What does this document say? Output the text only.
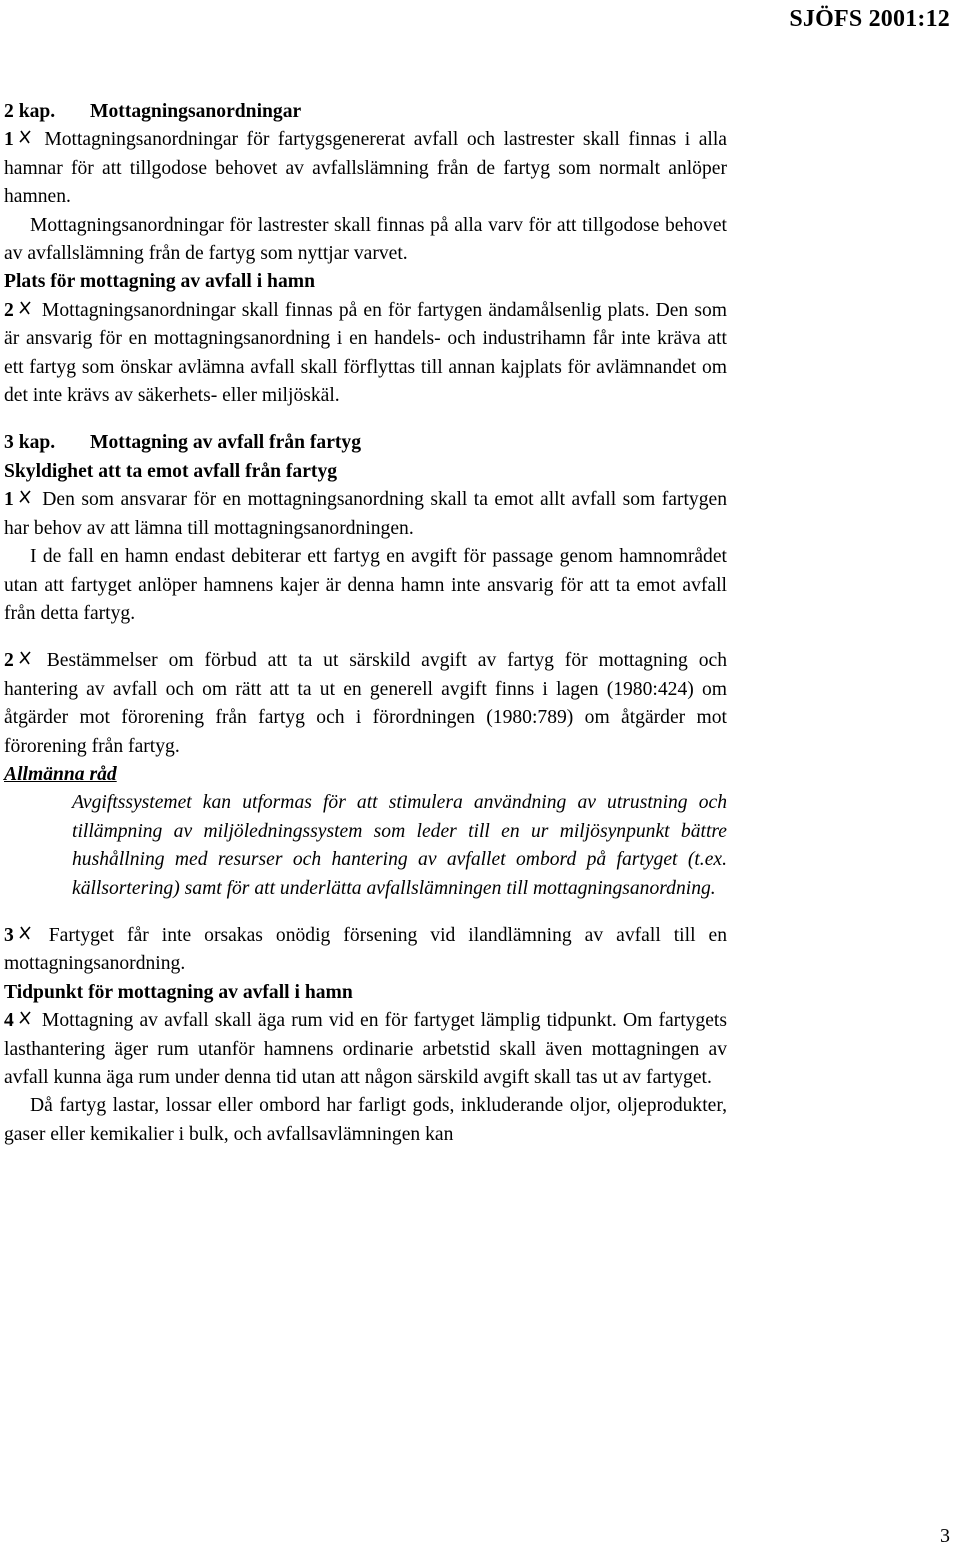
SJÖFS 2001:12

2 kap. Mottagningsanordningar

1 Mottagningsanordningar för fartygsgenererat avfall och lastrester skall finnas i alla hamnar för att tillgodose behovet av avfallslämning från de fartyg som normalt anlöper hamnen.

Mottagningsanordningar för lastrester skall finnas på alla varv för att tillgodose behovet av avfallslämning från de fartyg som nyttjar varvet.

Plats för mottagning av avfall i hamn

2 Mottagningsanordningar skall finnas på en för fartygen ändamålsenlig plats. Den som är ansvarig för en mottagningsanordning i en handels- och industrihamn får inte kräva att ett fartyg som önskar avlämna avfall skall förflyttas till annan kajplats för avlämnandet om det inte krävs av säkerhets- eller miljöskäl.

3 kap. Mottagning av avfall från fartyg

Skyldighet att ta emot avfall från fartyg

1 Den som ansvarar för en mottagningsanordning skall ta emot allt avfall som fartygen har behov av att lämna till mottagningsanordningen.

I de fall en hamn endast debiterar ett fartyg en avgift för passage genom hamnområdet utan att fartyget anlöper hamnens kajer är denna hamn inte ansvarig för att ta emot avfall från detta fartyg.

2 Bestämmelser om förbud att ta ut särskild avgift av fartyg för mottagning och hantering av avfall och om rätt att ta ut en generell avgift finns i lagen (1980:424) om åtgärder mot förorening från fartyg och i förordningen (1980:789) om åtgärder mot förorening från fartyg.

Allmänna råd

Avgiftssystemet kan utformas för att stimulera användning av utrustning och tillämpning av miljöledningssystem som leder till en ur miljösynpunkt bättre hushållning med resurser och hantering av avfallet ombord på fartyget (t.ex. källsortering) samt för att underlätta avfallslämningen till mottagningsanordning.

3 Fartyget får inte orsakas onödig försening vid ilandlämning av avfall till en mottagningsanordning.

Tidpunkt för mottagning av avfall i hamn

4 Mottagning av avfall skall äga rum vid en för fartyget lämplig tidpunkt. Om fartygets lasthantering äger rum utanför hamnens ordinarie arbetstid skall även mottagningen av avfall kunna äga rum under denna tid utan att någon särskild avgift skall tas ut av fartyget.

Då fartyg lastar, lossar eller ombord har farligt gods, inkluderande oljor, oljeprodukter, gaser eller kemikalier i bulk, och avfallsavlämningen kan

3
